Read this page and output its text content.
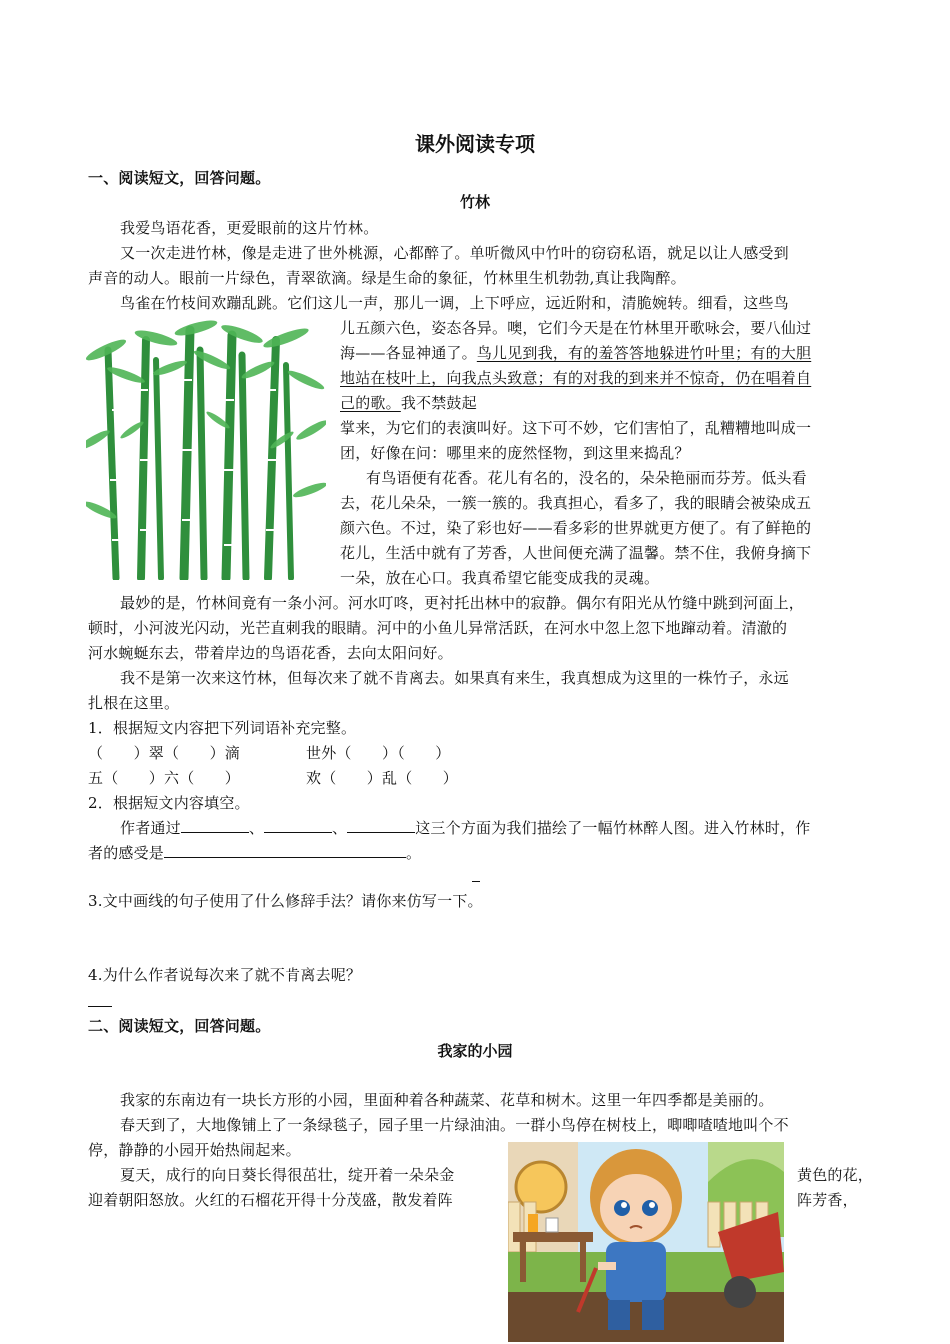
课外阅读专项
一、阅读短文，回答问题。
竹林
我爱鸟语花香，更爱眼前的这片竹林。
又一次走进竹林，像是走进了世外桃源，心都醉了。单听微风中竹叶的窃窃私语，就足以让人感受到
声音的动人。眼前一片绿色，青翠欲滴。绿是生命的象征，竹林里生机勃勃,真让我陶醉。
鸟雀在竹枝间欢蹦乱跳。它们这儿一声，那儿一调，上下呼应，远近附和，清脆婉转。细看，这些鸟
儿五颜六色，姿态各异。噢，它们今天是在竹林里开歌咏会，要八仙过
海——各显神通了。鸟儿见到我，有的羞答答地躲进竹叶里；有的大胆
地站在枝叶上，向我点头致意；有的对我的到来并不惊奇，仍在唱着自
己的歌。我不禁鼓起
掌来，为它们的表演叫好。这下可不妙，它们害怕了，乱糟糟地叫成一
团，好像在问：哪里来的庞然怪物，到这里来捣乱？
有鸟语便有花香。花儿有名的，没名的，朵朵艳丽而芬芳。低头看
去，花儿朵朵，一簇一簇的。我真担心，看多了，我的眼睛会被染成五
颜六色。不过，染了彩也好——看多彩的世界就更方便了。有了鲜艳的
花儿，生活中就有了芳香，人世间便充满了温馨。禁不住，我俯身摘下
一朵，放在心口。我真希望它能变成我的灵魂。
最妙的是，竹林间竟有一条小河。河水叮咚，更衬托出林中的寂静。偶尔有阳光从竹缝中跳到河面上，
顿时，小河波光闪动，光芒直刺我的眼睛。河中的小鱼儿异常活跃，在河水中忽上忽下地蹿动着。清澈的
河水蜿蜒东去，带着岸边的鸟语花香，去向太阳问好。
我不是第一次来这竹林，但每次来了就不肯离去。如果真有来生，我真想成为这里的一株竹子，永远
扎根在这里。
1．根据短文内容把下列词语补充完整。
（　　）翠（　　）滴	世外（　　）（　　）
五（　　）六（　　）	欢（　　）乱（　　）
2．根据短文内容填空。
作者通过	、	、	这三个方面为我们描绘了一幅竹林醉人图。进入竹林时，作
者的感受是	。
3.文中画线的句子使用了什么修辞手法？请你来仿写一下。
4.为什么作者说每次来了就不肯离去呢？
二、阅读短文，回答问题。
我家的小园
我家的东南边有一块长方形的小园，里面种着各种蔬菜、花草和树木。这里一年四季都是美丽的。
春天到了，大地像铺上了一条绿毯子，园子里一片绿油油。一群小鸟停在树枝上，唧唧喳喳地叫个不
停，静静的小园开始热闹起来。
夏天，成行的向日葵长得很茁壮，绽开着一朵朵金	黄色的花，
迎着朝阳怒放。火红的石榴花开得十分茂盛，散发着阵	阵芳香，
